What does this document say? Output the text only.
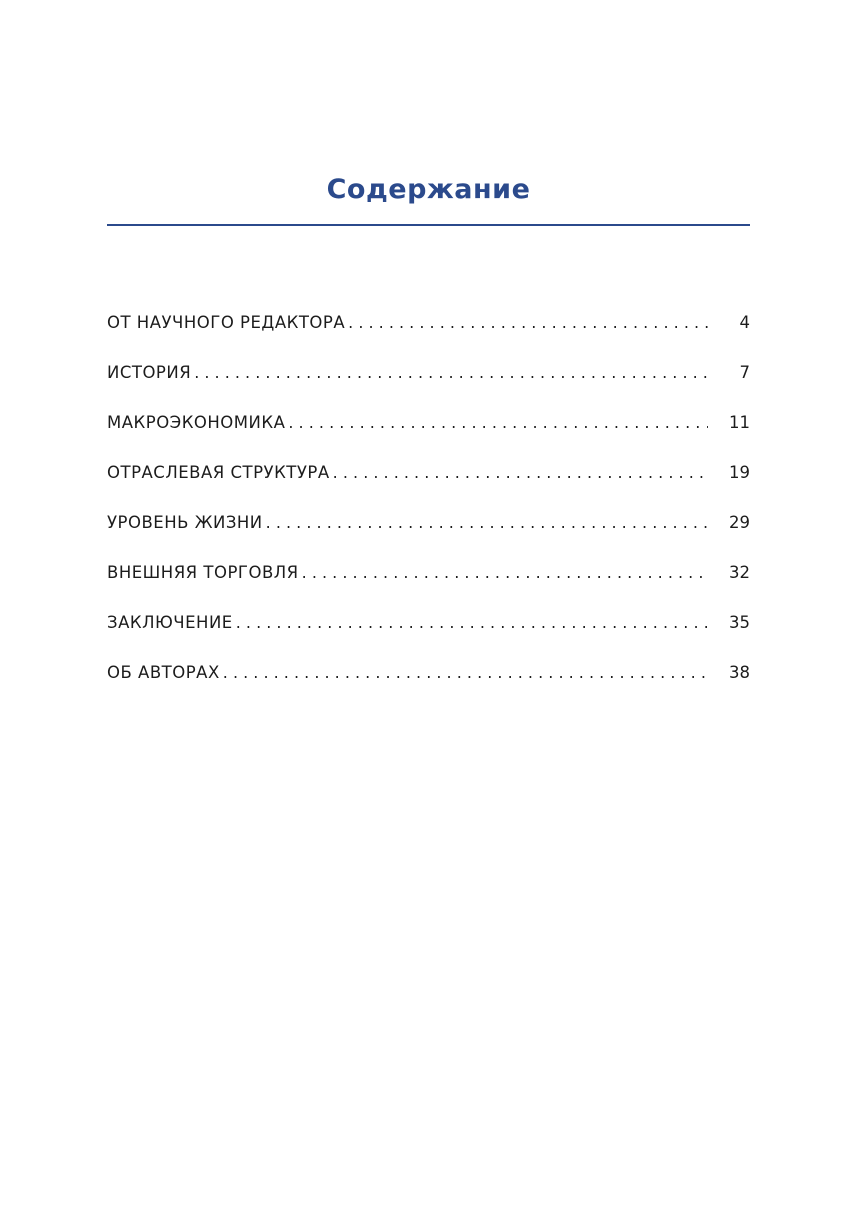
Содержание
ОТ НАУЧНОГО РЕДАКТОРА . . .	4
ИСТОРИЯ . . .	7
МАКРОЭКОНОМИКА . . .	11
ОТРАСЛЕВАЯ СТРУКТУРА . . .	19
УРОВЕНЬ ЖИЗНИ . . .	29
ВНЕШНЯЯ ТОРГОВЛЯ . . .	32
ЗАКЛЮЧЕНИЕ . . .	35
ОБ АВТОРАХ . . .	38
